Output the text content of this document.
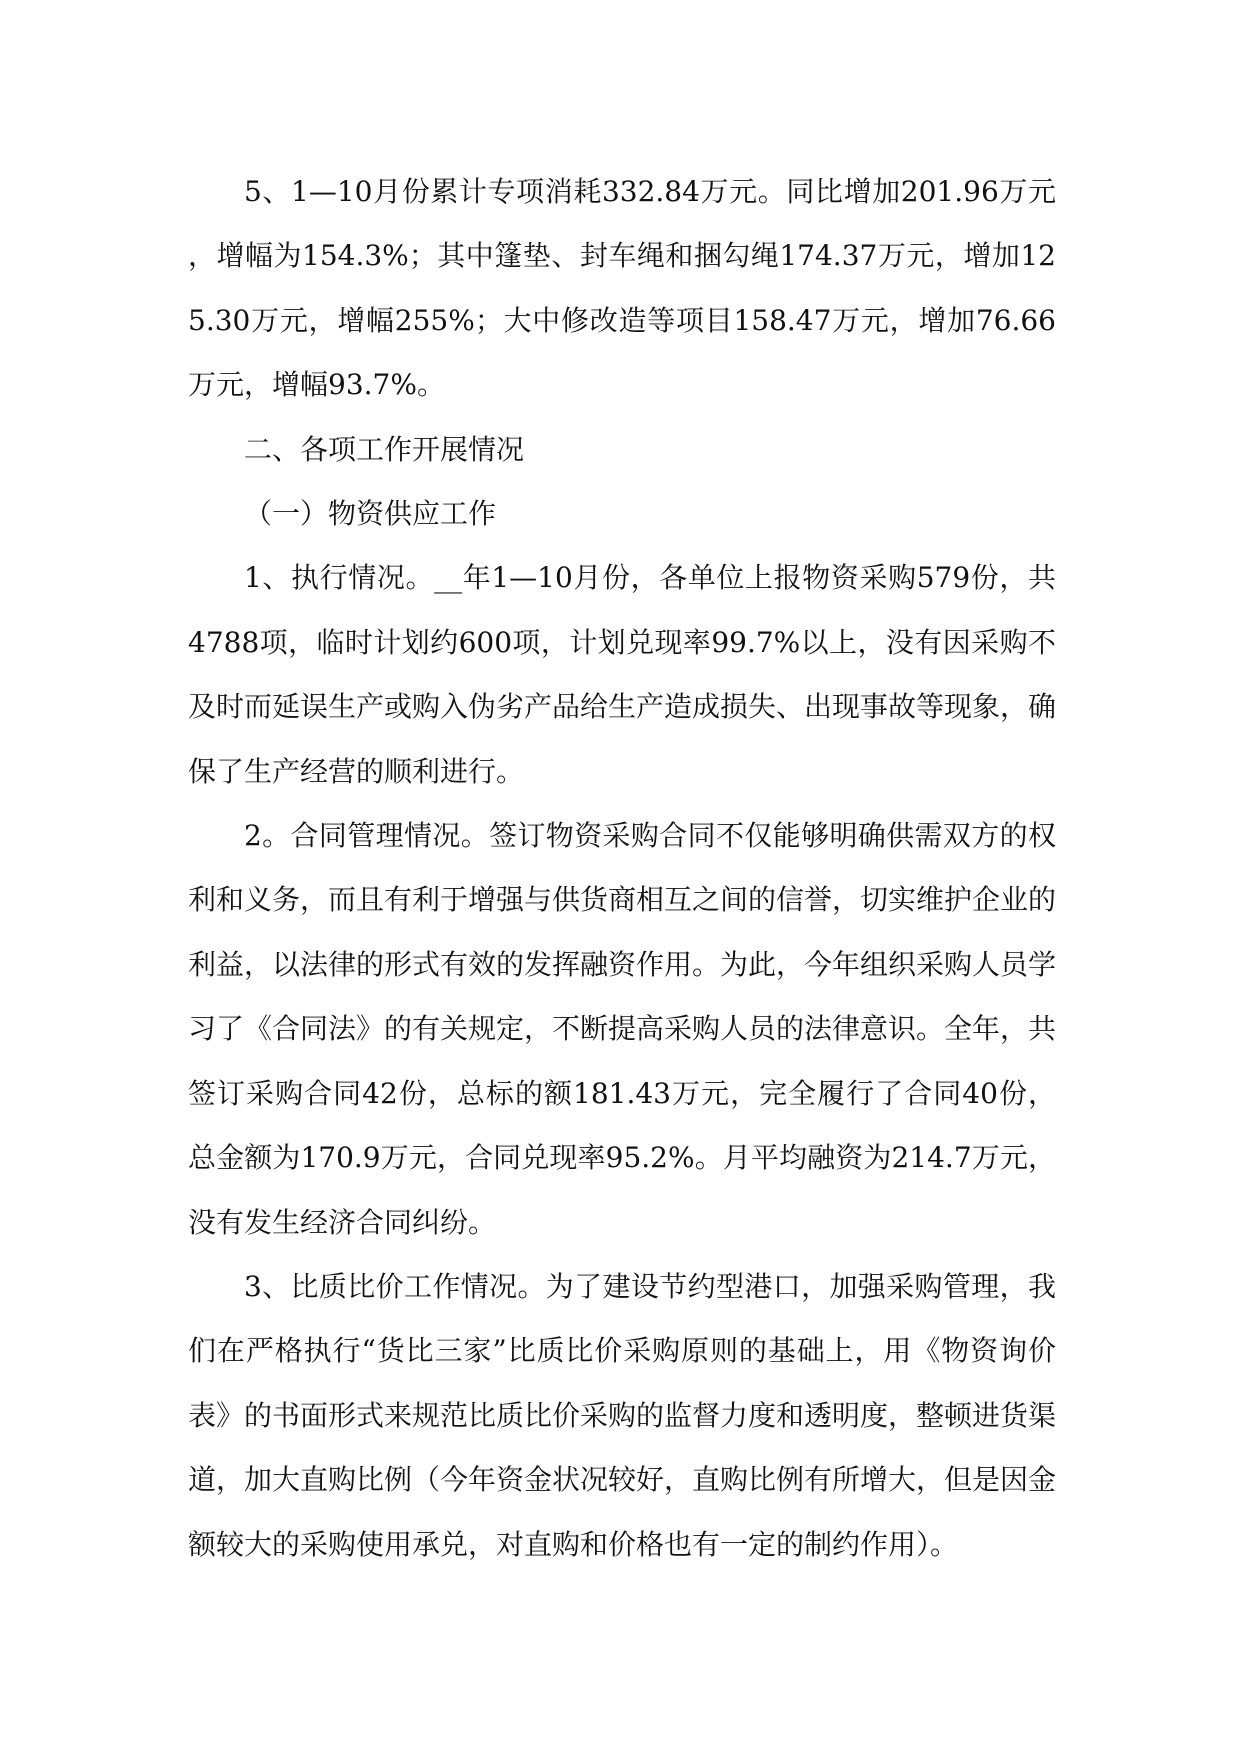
5、1—10月份累计专项消耗332.84万元。同比增加201.96万元，增幅为154.3%；其中篷垫、封车绳和捆勾绳174.37万元，增加125.30万元，增幅255%；大中修改造等项目158.47万元，增加76.66万元，增幅93.7%。

二、各项工作开展情况

（一）物资供应工作

1、执行情况。__年1—10月份，各单位上报物资采购579份，共4788项，临时计划约600项，计划兑现率99.7%以上，没有因采购不及时而延误生产或购入伪劣产品给生产造成损失、出现事故等现象，确保了生产经营的顺利进行。

2。合同管理情况。签订物资采购合同不仅能够明确供需双方的权利和义务，而且有利于增强与供货商相互之间的信誉，切实维护企业的利益，以法律的形式有效的发挥融资作用。为此，今年组织采购人员学习了《合同法》的有关规定，不断提高采购人员的法律意识。全年，共签订采购合同42份，总标的额181.43万元，完全履行了合同40份，总金额为170.9万元，合同兑现率95.2%。月平均融资为214.7万元，没有发生经济合同纠纷。

3、比质比价工作情况。为了建设节约型港口，加强采购管理，我们在严格执行“货比三家”比质比价采购原则的基础上，用《物资询价表》的书面形式来规范比质比价采购的监督力度和透明度，整顿进货渠道，加大直购比例（今年资金状况较好，直购比例有所增大，但是因金额较大的采购使用承兑，对直购和价格也有一定的制约作用）。
